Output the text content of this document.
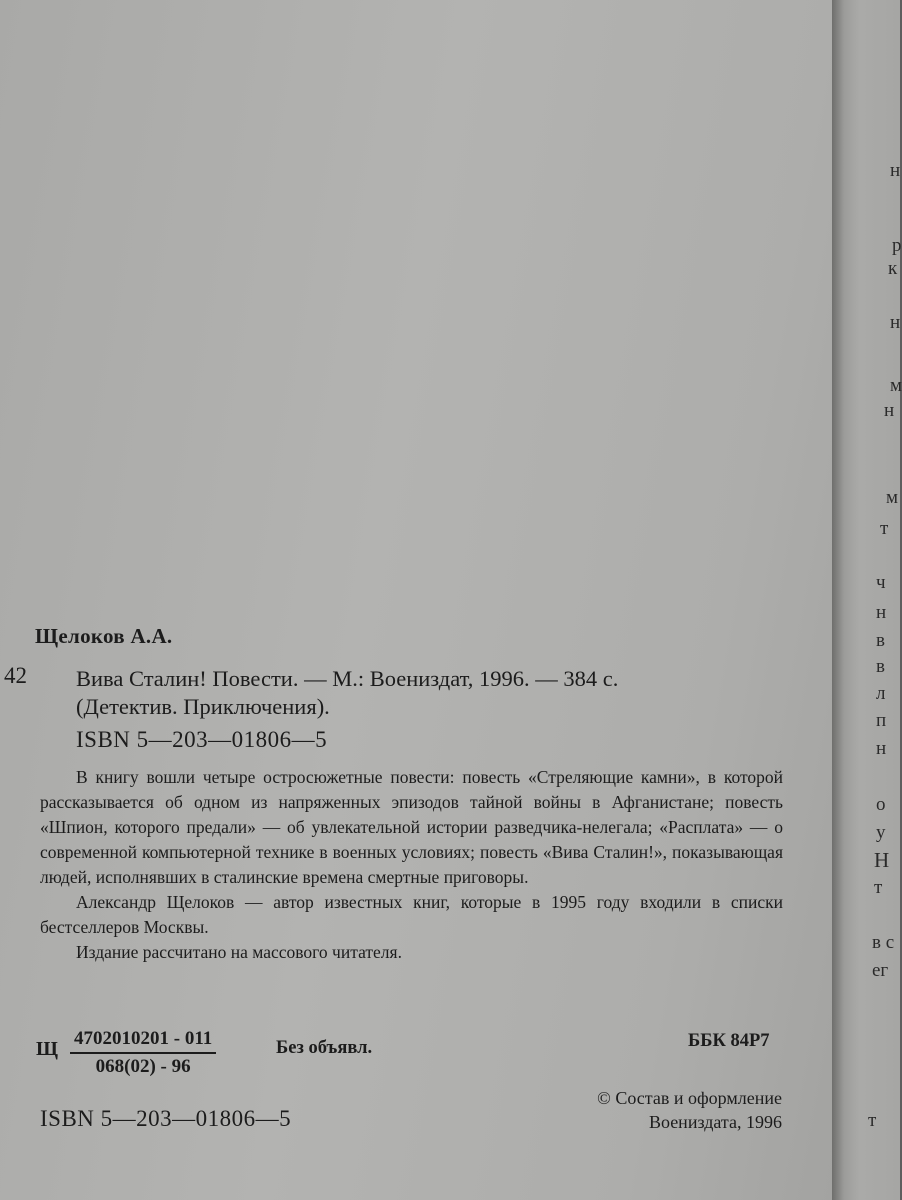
Щелоков А.А.
42 Вива Сталин! Повести. — М.: Воениздат, 1996. — 384 с.
(Детектив. Приключения).
ISBN 5—203—01806—5

В книгу вошли четыре остросюжетные повести: повесть «Стреляющие камни», в которой рассказывается об одном из напряженных эпизодов тайной войны в Афганистане; повесть «Шпион, которого предали» — об увлекательной истории разведчика-нелегала; «Расплата» — о современной компьютерной технике в военных условиях; повесть «Вива Сталин!», показывающая людей, исполнявших в сталинские времена смертные приговоры.

Александр Щелоков — автор известных книг, которые в 1995 году входили в списки бестселлеров Москвы.

Издание рассчитано на массового читателя.

Щ $\frac{4702010201 - 011}{068(02) - 96}$	Без объявл.	ББК 84Р7
ISBN 5—203—01806—5
© Состав и оформление
Воениздата, 1996
н
р
к
н
м
н
м
т
ч
н
в
в
л
п
н
о
у
Н
т
в с
ег
т
